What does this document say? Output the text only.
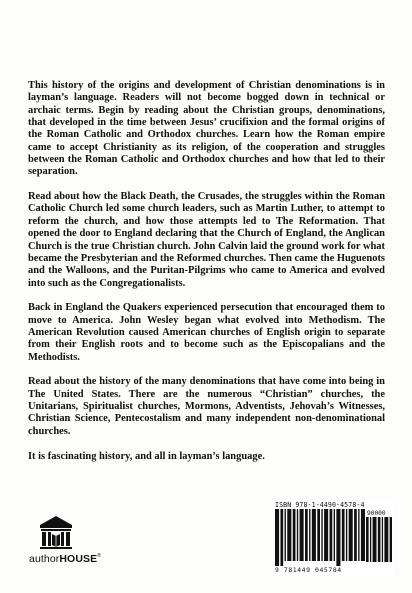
This history of the origins and development of Christian denominations is in layman’s language. Readers will not become bogged down in technical or archaic terms. Begin by reading about the Christian groups, denominations, that developed in the time between Jesus’ crucifixion and the formal origins of the Roman Catholic and Orthodox churches. Learn how the Roman empire came to accept Christianity as its religion, of the cooperation and struggles between the Roman Catholic and Orthodox churches and how that led to their separation.

Read about how the Black Death, the Crusades, the struggles within the Roman Catholic Church led some church leaders, such as Martin Luther, to attempt to reform the church, and how those attempts led to The Reformation. That opened the door to England declaring that the Church of England, the Anglican Church is the true Christian church. John Calvin laid the ground work for what became the Presbyterian and the Reformed churches. Then came the Huguenots and the Walloons, and the Puritan-Pilgrims who came to America and evolved into such as the Congregationalists.

Back in England the Quakers experienced persecution that encouraged them to move to America. John Wesley began what evolved into Methodism. The American Revolution caused American churches of English origin to separate from their English roots and to become such as the Episcopalians and the Methodists.

Read about the history of the many denominations that have come into being in The United States. There are the numerous “Christian” churches, the Unitarians, Spiritualist churches, Mormons, Adventists, Jehovah’s Witnesses, Christian Science, Pentecostalism and many independent non-denominational churches.

It is fascinating history, and all in layman’s language.

authorHOUSE®
ISBN 978-1-4490-4578-4
90000
9 781449 045784
